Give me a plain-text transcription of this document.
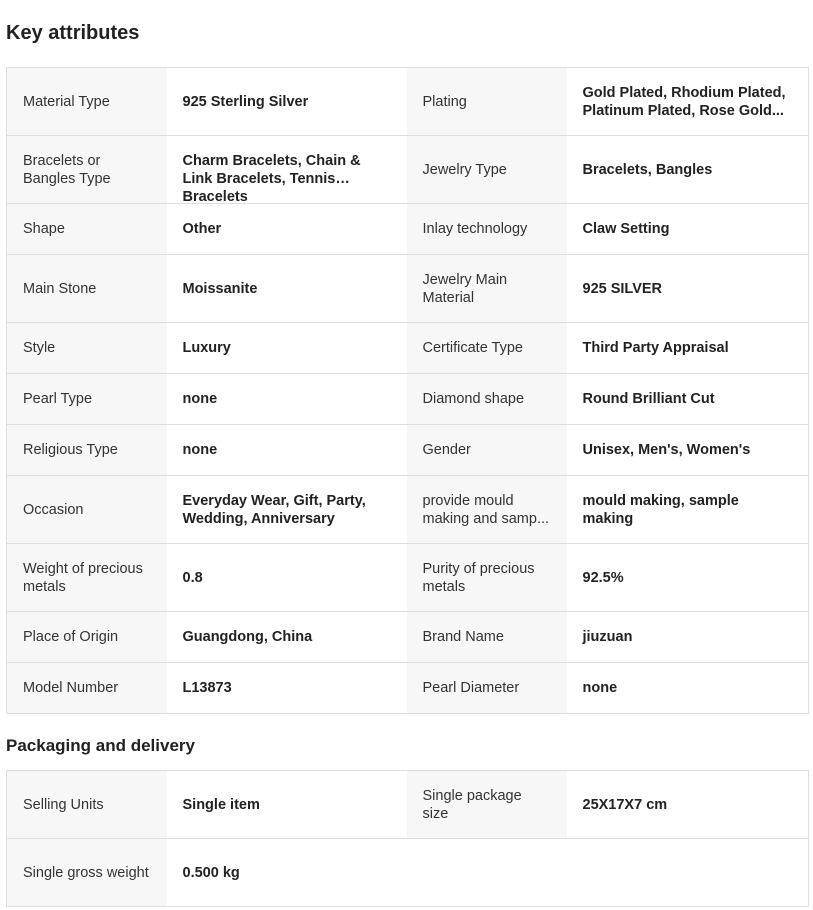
Key attributes
Material Type	925 Sterling Silver	Plating	Gold Plated, Rhodium Plated, Platinum Plated, Rose Gold...

Bracelets or Bangles Type	Charm Bracelets, Chain & Link Bracelets, Tennis Bracelets	Jewelry Type	Bracelets, Bangles

Shape	Other	Inlay technology	Claw Setting

Main Stone	Moissanite	Jewelry Main Material	925 SILVER

Style	Luxury	Certificate Type	Third Party Appraisal

Pearl Type	none	Diamond shape	Round Brilliant Cut

Religious Type	none	Gender	Unisex, Men's, Women's

Occasion	Everyday Wear, Gift, Party, Wedding, Anniversary	provide mould making and samp...	mould making, sample making

Weight of precious metals	0.8	Purity of precious metals	92.5%

Place of Origin	Guangdong, China	Brand Name	jiuzuan

Model Number	L13873	Pearl Diameter	none
Packaging and delivery
Selling Units	Single item	Single package size	25X17X7 cm

Single gross weight	0.500 kg		
